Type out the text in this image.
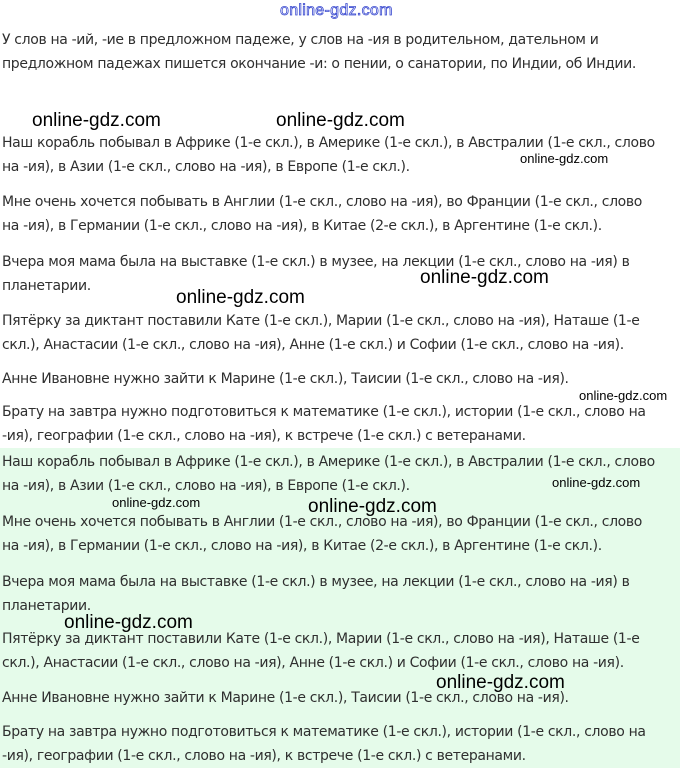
online-gdz.com

У слов на -ий, -ие в предложном падеже, у слов на -ия в родительном, дательном и
предложном падежах пишется окончание -и: о пении, о санатории, по Индии, об Индии.

Наш корабль побывал в Африке (1-е скл.), в Америке (1-е скл.), в Австралии (1-е скл., слово
на -ия), в Азии (1-е скл., слово на -ия), в Европе (1-е скл.).

Мне очень хочется побывать в Англии (1-е скл., слово на -ия), во Франции (1-е скл., слово
на -ия), в Германии (1-е скл., слово на -ия), в Китае (2-е скл.), в Аргентине (1-е скл.).

Вчера моя мама была на выставке (1-е скл.) в музее, на лекции (1-е скл., слово на -ия) в
планетарии.

Пятёрку за диктант поставили Кате (1-е скл.), Марии (1-е скл., слово на -ия), Наташе (1-е
скл.), Анастасии (1-е скл., слово на -ия), Анне (1-е скл.) и Софии (1-е скл., слово на -ия).

Анне Ивановне нужно зайти к Марине (1-е скл.), Таисии (1-е скл., слово на -ия).

Брату на завтра нужно подготовиться к математике (1-е скл.), истории (1-е скл., слово на
-ия), географии (1-е скл., слово на -ия), к встрече (1-е скл.) с ветеранами.

Наш корабль побывал в Африке (1-е скл.), в Америке (1-е скл.), в Австралии (1-е скл., слово
на -ия), в Азии (1-е скл., слово на -ия), в Европе (1-е скл.).

Мне очень хочется побывать в Англии (1-е скл., слово на -ия), во Франции (1-е скл., слово
на -ия), в Германии (1-е скл., слово на -ия), в Китае (2-е скл.), в Аргентине (1-е скл.).

Вчера моя мама была на выставке (1-е скл.) в музее, на лекции (1-е скл., слово на -ия) в
планетарии.

Пятёрку за диктант поставили Кате (1-е скл.), Марии (1-е скл., слово на -ия), Наташе (1-е
скл.), Анастасии (1-е скл., слово на -ия), Анне (1-е скл.) и Софии (1-е скл., слово на -ия).

Анне Ивановне нужно зайти к Марине (1-е скл.), Таисии (1-е скл., слово на -ия).

Брату на завтра нужно подготовиться к математике (1-е скл.), истории (1-е скл., слово на
-ия), географии (1-е скл., слово на -ия), к встрече (1-е скл.) с ветеранами.

online-gdz.com	online-gdz.com
online-gdz.com
online-gdz.com
online-gdz.com
online-gdz.com
online-gdz.com
online-gdz.com	online-gdz.com
online-gdz.com
online-gdz.com
